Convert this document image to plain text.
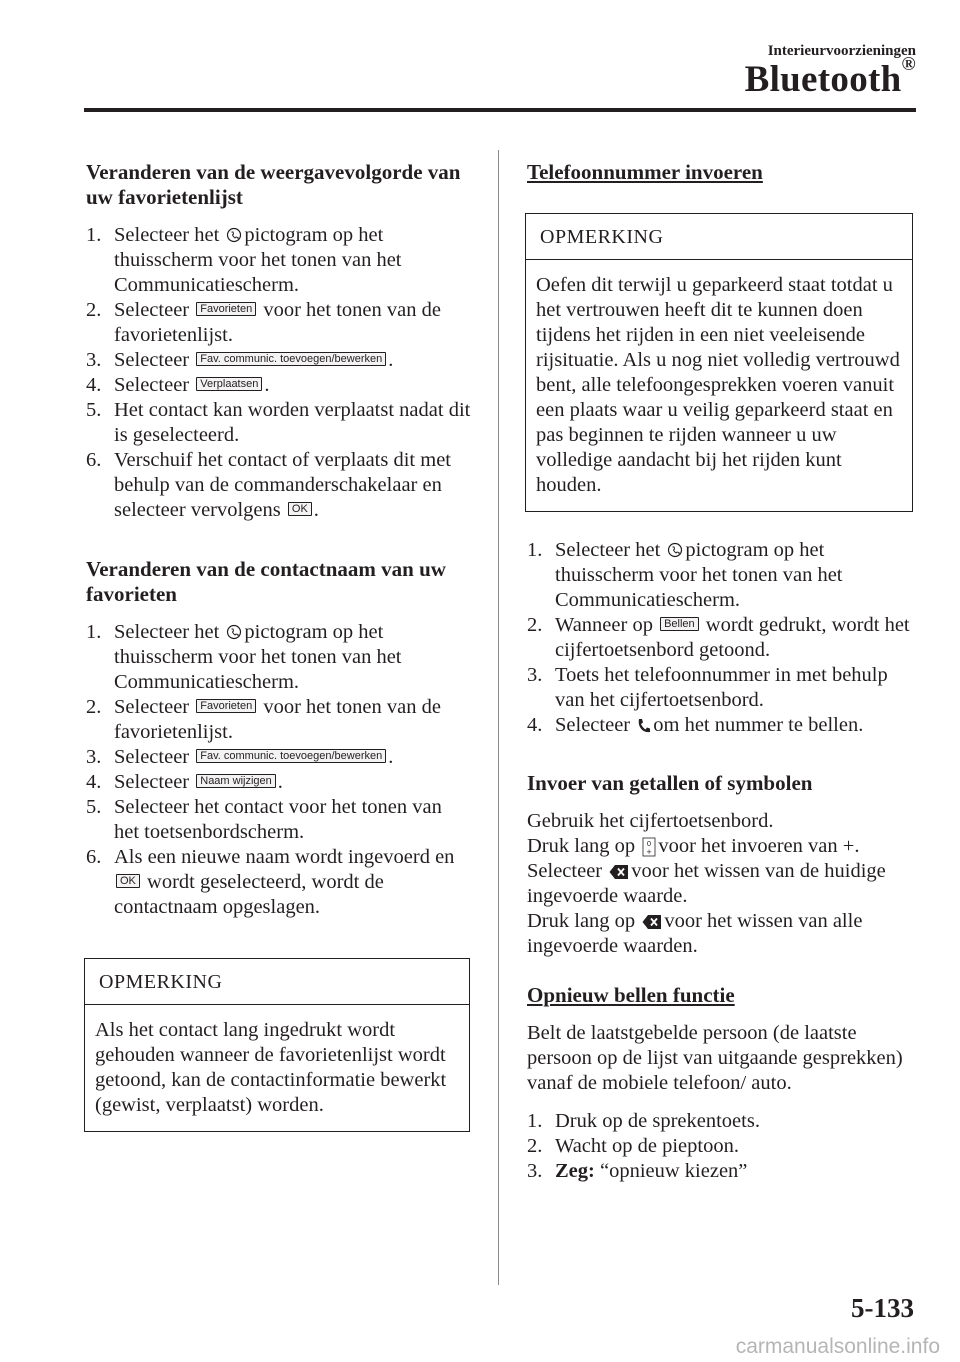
Interieurvoorzieningen
Bluetooth®
Veranderen van de weergavevolgorde van uw favorietenlijst
1. Selecteer het pictogram op het thuisscherm voor het tonen van het Communicatiescherm.
2. Selecteer Favorieten voor het tonen van de favorietenlijst.
3. Selecteer Fav. communic. toevoegen/bewerken .
4. Selecteer Verplaatsen .
5. Het contact kan worden verplaatst nadat dit is geselecteerd.
6. Verschuif het contact of verplaats dit met behulp van de commanderschakelaar en selecteer vervolgens OK .
Veranderen van de contactnaam van uw favorieten
1. Selecteer het pictogram op het thuisscherm voor het tonen van het Communicatiescherm.
2. Selecteer Favorieten voor het tonen van de favorietenlijst.
3. Selecteer Fav. communic. toevoegen/bewerken .
4. Selecteer Naam wijzigen .
5. Selecteer het contact voor het tonen van het toetsenbordscherm.
6. Als een nieuwe naam wordt ingevoerd en OK wordt geselecteerd, wordt de contactnaam opgeslagen.
OPMERKING
Als het contact lang ingedrukt wordt gehouden wanneer de favorietenlijst wordt getoond, kan de contactinformatie bewerkt (gewist, verplaatst) worden.
Telefoonnummer invoeren
OPMERKING
Oefen dit terwijl u geparkeerd staat totdat u het vertrouwen heeft dit te kunnen doen tijdens het rijden in een niet veeleisende rijsituatie. Als u nog niet volledig vertrouwd bent, alle telefoongesprekken voeren vanuit een plaats waar u veilig geparkeerd staat en pas beginnen te rijden wanneer u uw volledige aandacht bij het rijden kunt houden.
1. Selecteer het pictogram op het thuisscherm voor het tonen van het Communicatiescherm.
2. Wanneer op Bellen wordt gedrukt, wordt het cijfertoetsenbord getoond.
3. Toets het telefoonnummer in met behulp van het cijfertoetsenbord.
4. Selecteer om het nummer te bellen.
Invoer van getallen of symbolen

Gebruik het cijfertoetsenbord.

Druk lang op 0
+ voor het invoeren van +.

Selecteer voor het wissen van de huidige ingevoerde waarde.

Druk lang op voor het wissen van alle ingevoerde waarden.

Opnieuw bellen functie

Belt de laatstgebelde persoon (de laatste persoon op de lijst van uitgaande gesprekken) vanaf de mobiele telefoon/ auto.

1. Druk op de sprekentoets.
2. Wacht op de pieptoon.
3. Zeg: “opnieuw kiezen”
5-133
carmanualsonline.info
